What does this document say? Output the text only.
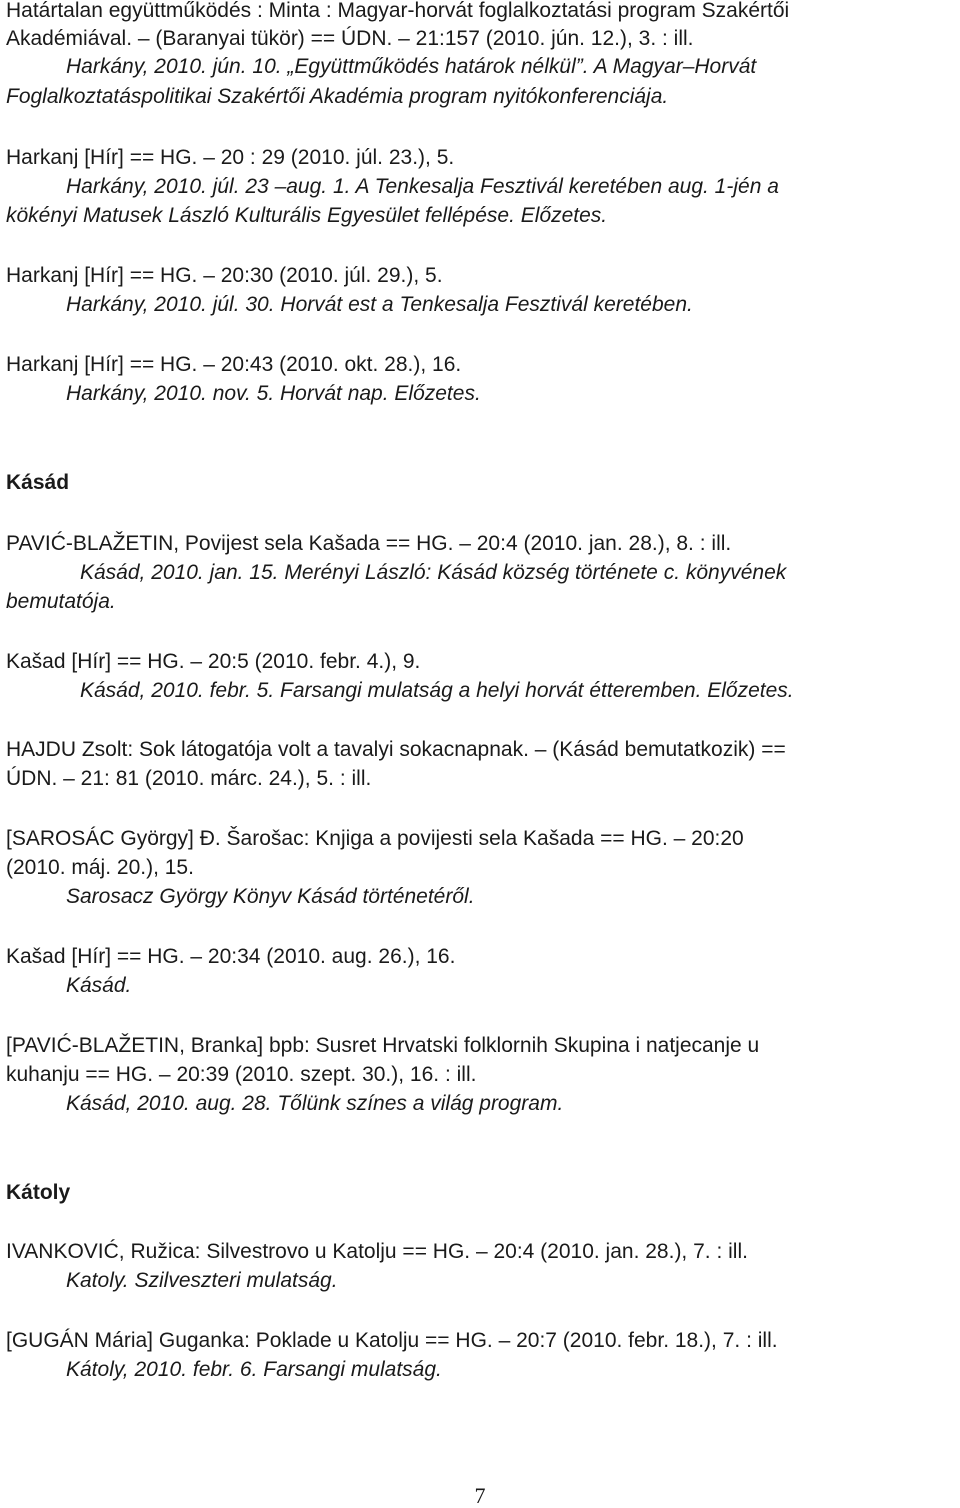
Határtalan együttműködés : Minta : Magyar-horvát foglalkoztatási program Szakértői
Akadémiával. – (Baranyai tükör) == ÚDN. – 21:157 (2010. jún. 12.), 3. : ill.
Harkány, 2010. jún. 10. „Együttműködés határok nélkül”. A Magyar–Horvát
Foglalkoztatáspolitikai Szakértői Akadémia program nyitókonferenciája.
Harkanj [Hír] == HG. – 20 : 29 (2010. júl. 23.), 5.
Harkány, 2010. júl. 23 –aug. 1. A Tenkesalja Fesztivál keretében aug. 1-jén a
kökényi Matusek László Kulturális Egyesület fellépése. Előzetes.
Harkanj [Hír] == HG. – 20:30 (2010. júl. 29.), 5.
Harkány, 2010. júl. 30. Horvát est a Tenkesalja Fesztivál keretében.
Harkanj [Hír] == HG. – 20:43 (2010. okt. 28.), 16.
Harkány, 2010. nov. 5. Horvát nap. Előzetes.
Kásád
PAVIĆ-BLAŽETIN, Povijest sela Kašada == HG. – 20:4 (2010. jan. 28.), 8. : ill.
Kásád, 2010. jan. 15. Merényi László: Kásád község története c. könyvének
bemutatója.
Kašad [Hír] == HG. – 20:5 (2010. febr. 4.), 9.
Kásád, 2010. febr. 5. Farsangi mulatság a helyi horvát étteremben. Előzetes.
HAJDU Zsolt: Sok látogatója volt a tavalyi sokacnapnak. – (Kásád bemutatkozik) ==
ÚDN. – 21: 81 (2010. márc. 24.), 5. : ill.
[SAROSÁC György] Đ. Šarošac: Knjiga a povijesti sela Kašada == HG. – 20:20
(2010. máj. 20.), 15.
Sarosacz György Könyv Kásád történetéről.
Kašad [Hír] == HG. – 20:34 (2010. aug. 26.), 16.
Kásád.
[PAVIĆ-BLAŽETIN, Branka] bpb: Susret Hrvatski folklornih Skupina i natjecanje u
kuhanju == HG. – 20:39 (2010. szept. 30.), 16. : ill.
Kásád, 2010. aug. 28. Tőlünk színes a világ program.
Kátoly
IVANKOVIĆ, Ružica: Silvestrovo u Katolju == HG. – 20:4 (2010. jan. 28.), 7. : ill.
Katoly. Szilveszteri mulatság.
[GUGÁN Mária] Guganka: Poklade u Katolju == HG. – 20:7 (2010. febr. 18.), 7. : ill.
Kátoly, 2010. febr. 6. Farsangi mulatság.
7
